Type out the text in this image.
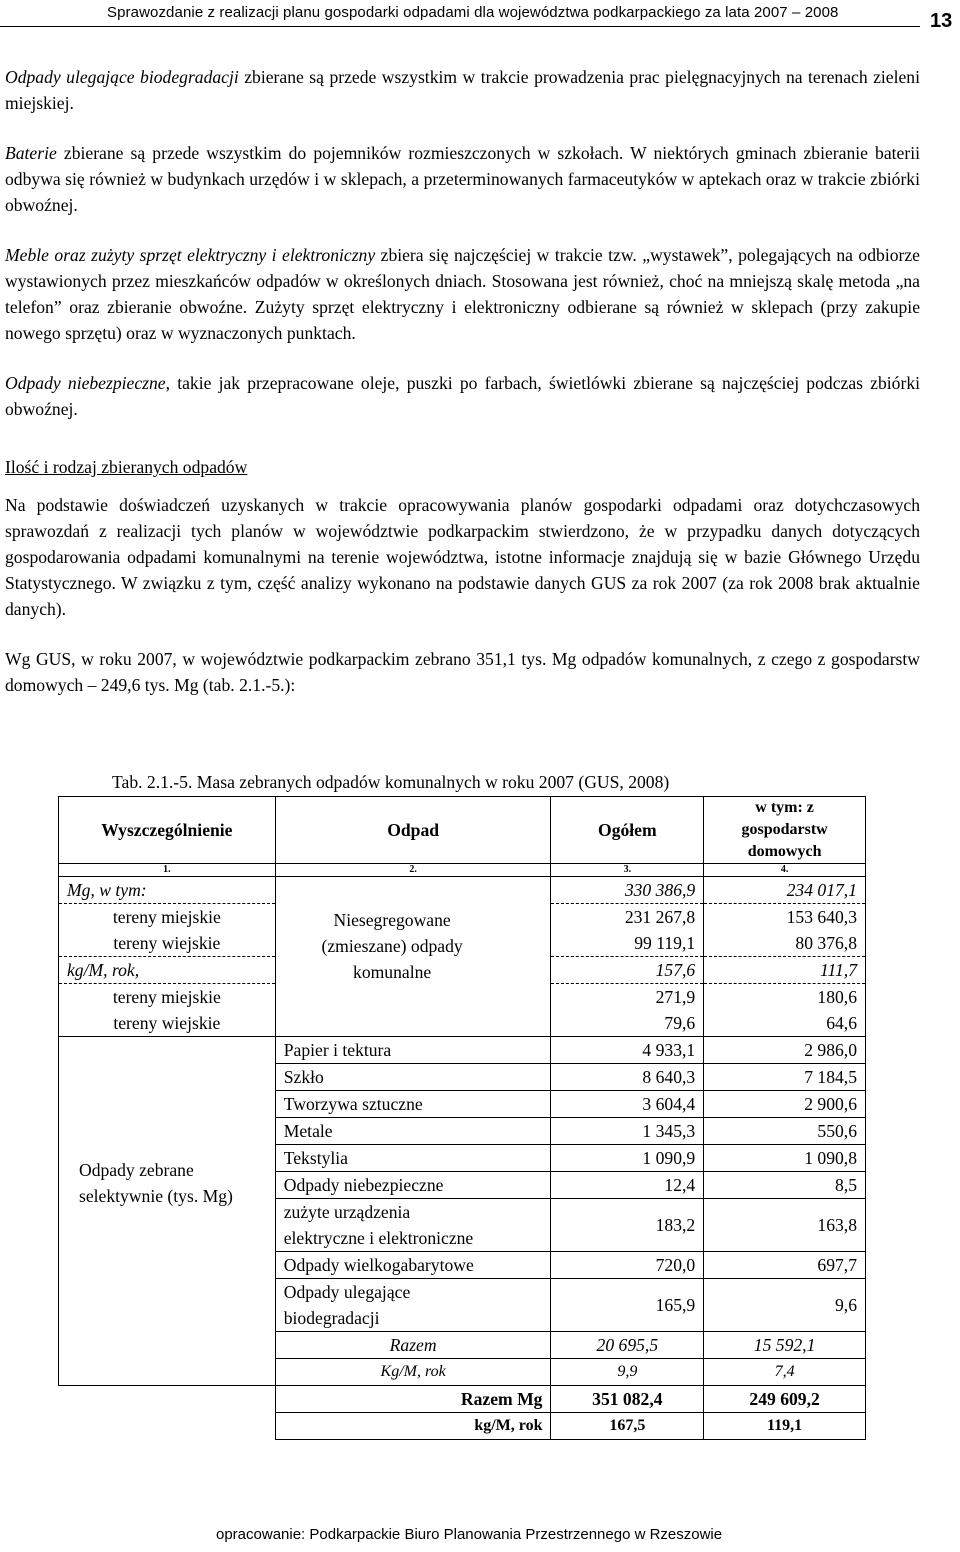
Sprawozdanie z realizacji planu gospodarki odpadami dla województwa podkarpackiego za lata 2007 – 2008	13

Odpady ulegające biodegradacji zbierane są przede wszystkim w trakcie prowadzenia prac pielęgnacyjnych na terenach zieleni miejskiej.

Baterie zbierane są przede wszystkim do pojemników rozmieszczonych w szkołach. W niektórych gminach zbieranie baterii odbywa się również w budynkach urzędów i w sklepach, a przeterminowanych farmaceutyków w aptekach oraz w trakcie zbiórki obwoźnej.

Meble oraz zużyty sprzęt elektryczny i elektroniczny zbiera się najczęściej w trakcie tzw. „wystawek”, polegających na odbiorze wystawionych przez mieszkańców odpadów w określonych dniach. Stosowana jest również, choć na mniejszą skalę metoda „na telefon” oraz zbieranie obwoźne. Zużyty sprzęt elektryczny i elektroniczny odbierane są również w sklepach (przy zakupie nowego sprzętu) oraz w wyznaczonych punktach.

Odpady niebezpieczne, takie jak przepracowane oleje, puszki po farbach, świetlówki zbierane są najczęściej podczas zbiórki obwoźnej.

Ilość i rodzaj zbieranych odpadów

Na podstawie doświadczeń uzyskanych w trakcie opracowywania planów gospodarki odpadami oraz dotychczasowych sprawozdań z realizacji tych planów w województwie podkarpackim stwierdzono, że w przypadku danych dotyczących gospodarowania odpadami komunalnymi na terenie województwa, istotne informacje znajdują się w bazie Głównego Urzędu Statystycznego. W związku z tym, część analizy wykonano na podstawie danych GUS za rok 2007 (za rok 2008 brak aktualnie danych).

Wg GUS, w roku 2007, w województwie podkarpackim zebrano 351,1 tys. Mg odpadów komunalnych, z czego z gospodarstw domowych – 249,6 tys. Mg (tab. 2.1.-5.):

Tab. 2.1.-5. Masa zebranych odpadów komunalnych w roku 2007 (GUS, 2008)
Wyszczególnienie	Odpad	Ogółem	w tym: z gospodarstw domowych
1.	2.	3.	4.
Mg, w tym:	Niesegregowane (zmieszane) odpady komunalne	330 386,9	234 017,1
tereny miejskie		231 267,8	153 640,3
tereny wiejskie		99 119,1	80 376,8
kg/M, rok,		157,6	111,7
tereny miejskie		271,9	180,6
tereny wiejskie		79,6	64,6
Odpady zebrane selektywnie (tys. Mg)	Papier i tektura	4 933,1	2 986,0
	Szkło	8 640,3	7 184,5
	Tworzywa sztuczne	3 604,4	2 900,6
	Metale	1 345,3	550,6
	Tekstylia	1 090,9	1 090,8
	Odpady niebezpieczne	12,4	8,5
	zużyte urządzenia elektryczne i elektroniczne	183,2	163,8
	Odpady wielkogabarytowe	720,0	697,7
	Odpady ulegające biodegradacji	165,9	9,6
	Razem	20 695,5	15 592,1
	Kg/M, rok	9,9	7,4
	Razem Mg	351 082,4	249 609,2
	kg/M, rok	167,5	119,1
opracowanie: Podkarpackie Biuro Planowania Przestrzennego w Rzeszowie
